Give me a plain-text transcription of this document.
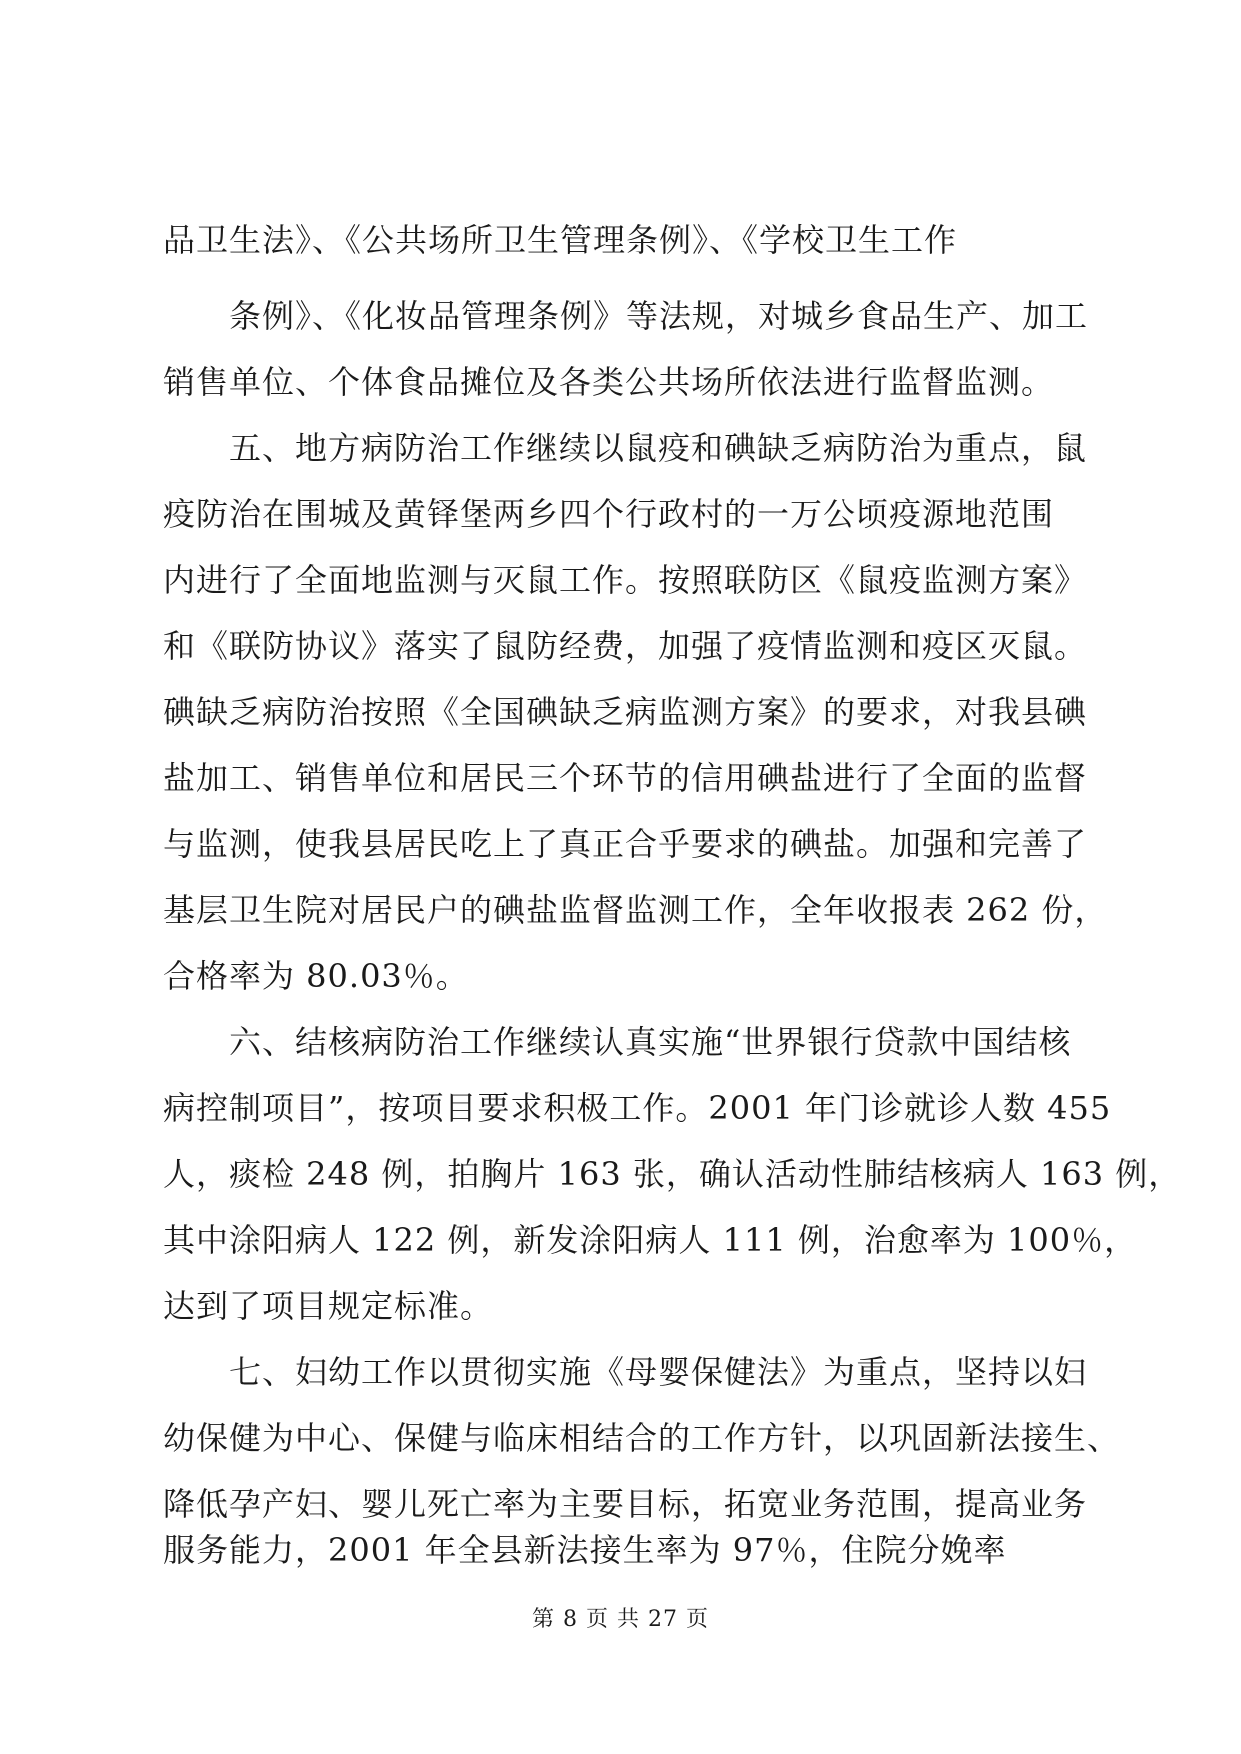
品卫生法》、《公共场所卫生管理条例》、《学校卫生工作
　　条例》、《化妆品管理条例》等法规，对城乡食品生产、加工
销售单位、个体食品摊位及各类公共场所依法进行监督监测。
　　五、地方病防治工作继续以鼠疫和碘缺乏病防治为重点，鼠
疫防治在围城及黄铎堡两乡四个行政村的一万公顷疫源地范围
内进行了全面地监测与灭鼠工作。按照联防区《鼠疫监测方案》
和《联防协议》落实了鼠防经费，加强了疫情监测和疫区灭鼠。
碘缺乏病防治按照《全国碘缺乏病监测方案》的要求，对我县碘
盐加工、销售单位和居民三个环节的信用碘盐进行了全面的监督
与监测，使我县居民吃上了真正合乎要求的碘盐。加强和完善了
基层卫生院对居民户的碘盐监督监测工作，全年收报表 262 份，
合格率为 80.03％。
　　六、结核病防治工作继续认真实施“世界银行贷款中国结核
病控制项目”，按项目要求积极工作。2001 年门诊就诊人数 455
人，痰检 248 例，拍胸片 163 张，确认活动性肺结核病人 163 例，
其中涂阳病人 122 例，新发涂阳病人 111 例，治愈率为 100％，
达到了项目规定标准。
　　七、妇幼工作以贯彻实施《母婴保健法》为重点，坚持以妇
幼保健为中心、保健与临床相结合的工作方针，以巩固新法接生、
降低孕产妇、婴儿死亡率为主要目标，拓宽业务范围，提高业务
服务能力，2001 年全县新法接生率为 97％，住院分娩率
第 8 页 共 27 页
